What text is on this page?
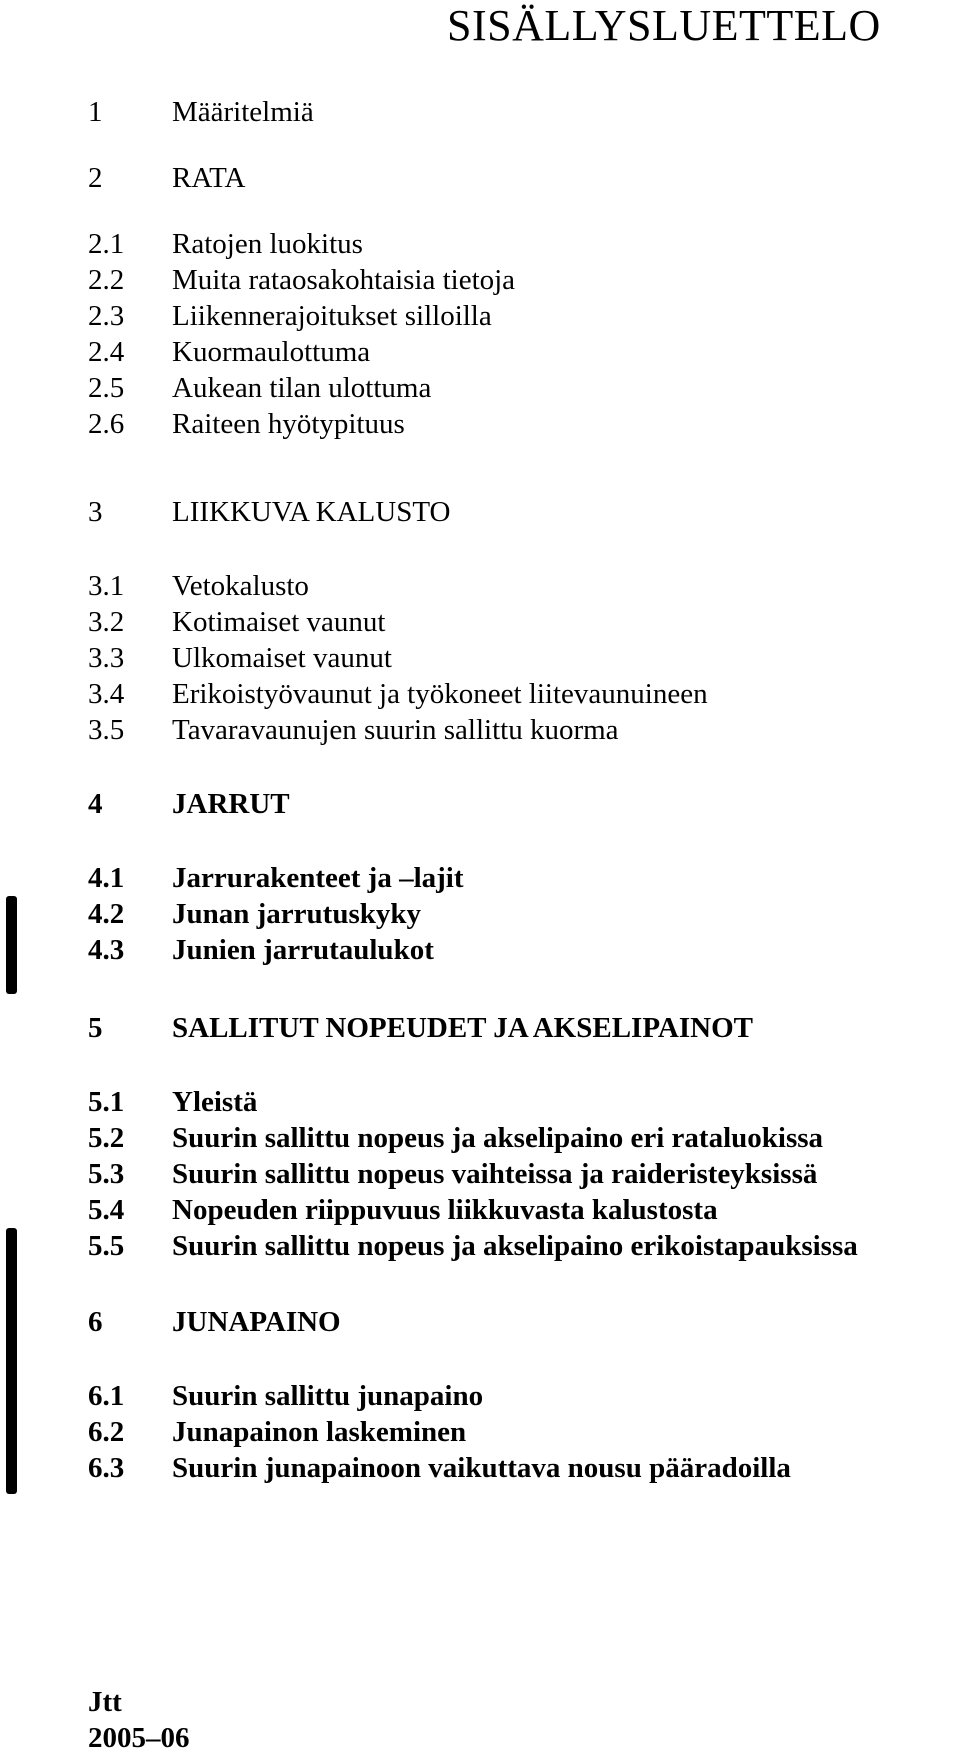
SISÄLLYSLUETTELO
1 Määritelmiä
2 RATA
2.1 Ratojen luokitus
2.2 Muita rataosakohtaisia tietoja
2.3 Liikennerajoitukset silloilla
2.4 Kuormaulottuma
2.5 Aukean tilan ulottuma
2.6 Raiteen hyötypituus
3 LIIKKUVA KALUSTO
3.1 Vetokalusto
3.2 Kotimaiset vaunut
3.3 Ulkomaiset vaunut
3.4 Erikoistyövaunut ja työkoneet liitevaunuineen
3.5 Tavaravaunujen suurin sallittu kuorma
4 JARRUT
4.1 Jarrurakenteet ja –lajit
4.2 Junan jarrutuskyky
4.3 Junien jarrutaulukot
5 SALLITUT NOPEUDET JA AKSELIPAINOT
5.1 Yleistä
5.2 Suurin sallittu nopeus ja akselipaino eri rataluokissa
5.3 Suurin sallittu nopeus vaihteissa ja raideristeyksissä
5.4 Nopeuden riippuvuus liikkuvasta kalustosta
5.5 Suurin sallittu nopeus ja akselipaino erikoistapauksissa
6 JUNAPAINO
6.1 Suurin sallittu junapaino
6.2 Junapainon laskeminen
6.3 Suurin junapainoon vaikuttava nousu pääradoilla
Jtt
2005–06
